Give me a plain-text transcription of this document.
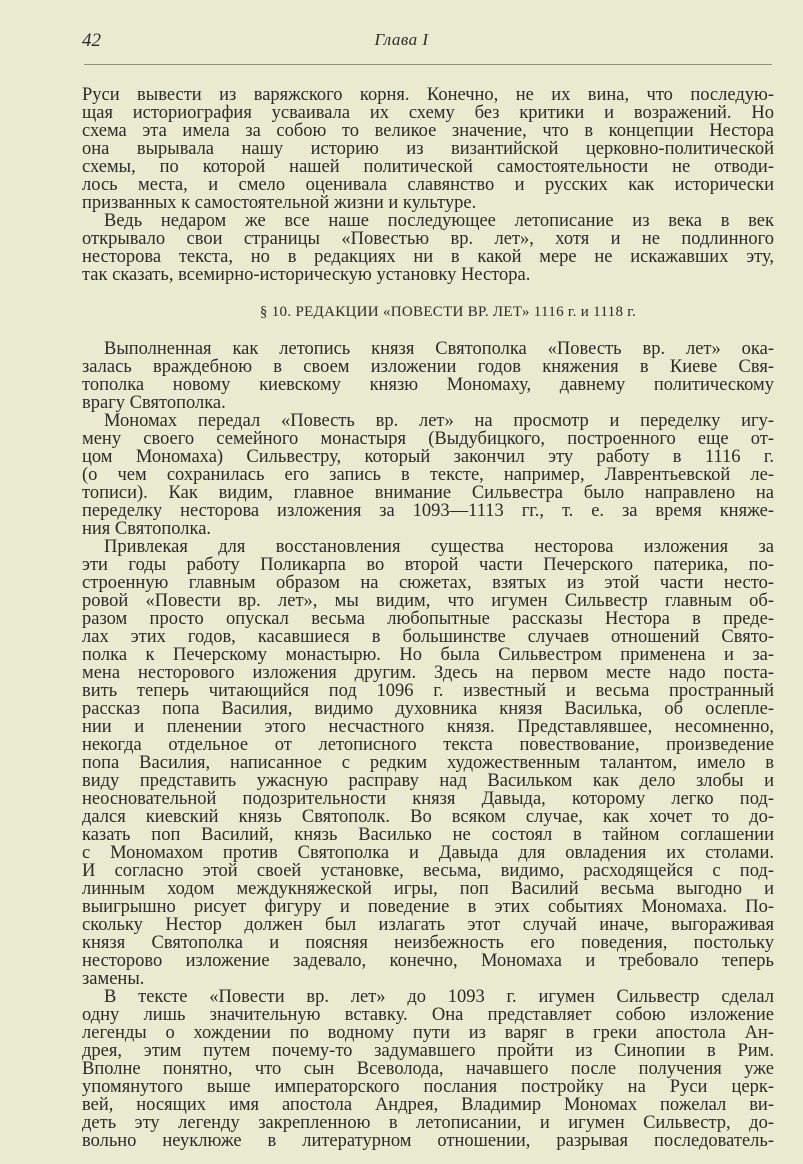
42	Глава I
Руси вывести из варяжского корня. Конечно, не их вина, что последую-
щая историография усваивала их схему без критики и возражений. Но
схема эта имела за собою то великое значение, что в концепции Нестора
она вырывала нашу историю из византийской церковно-политической
схемы, по которой нашей политической самостоятельности не отводи-
лось места, и смело оценивала славянство и русских как исторически
призванных к самостоятельной жизни и культуре.
Ведь недаром же все наше последующее летописание из века в век
открывало свои страницы «Повестью вр. лет», хотя и не подлинного
несторова текста, но в редакциях ни в какой мере не искажавших эту,
так сказать, всемирно-историческую установку Нестора.
§ 10. РЕДАКЦИИ «ПОВЕСТИ ВР. ЛЕТ» 1116 г. и 1118 г.
Выполненная как летопись князя Святополка «Повесть вр. лет» ока-
залась враждебною в своем изложении годов княжения в Киеве Свя-
тополка новому киевскому князю Мономаху, давнему политическому
врагу Святополка.
Мономах передал «Повесть вр. лет» на просмотр и переделку игу-
мену своего семейного монастыря (Выдубицкого, построенного еще от-
цом Мономаха) Сильвестру, который закончил эту работу в 1116 г.
(о чем сохранилась его запись в тексте, например, Лаврентьевской ле-
тописи). Как видим, главное внимание Сильвестра было направлено на
переделку несторова изложения за 1093—1113 гг., т. е. за время княже-
ния Святополка.
Привлекая для восстановления существа несторова изложения за
эти годы работу Поликарпа во второй части Печерского патерика, по-
строенную главным образом на сюжетах, взятых из этой части несто-
ровой «Повести вр. лет», мы видим, что игумен Сильвестр главным об-
разом просто опускал весьма любопытные рассказы Нестора в преде-
лах этих годов, касавшиеся в большинстве случаев отношений Свято-
полка к Печерскому монастырю. Но была Сильвестром применена и за-
мена несторового изложения другим. Здесь на первом месте надо поста-
вить теперь читающийся под 1096 г. известный и весьма пространный
рассказ попа Василия, видимо духовника князя Василька, об ослепле-
нии и пленении этого несчастного князя. Представлявшее, несомненно,
некогда отдельное от летописного текста повествование, произведение
попа Василия, написанное с редким художественным талантом, имело в
виду представить ужасную расправу над Васильком как дело злобы и
неосновательной подозрительности князя Давыда, которому легко под-
дался киевский князь Святополк. Во всяком случае, как хочет то до-
казать поп Василий, князь Василько не состоял в тайном соглашении
с Мономахом против Святополка и Давыда для овладения их столами.
И согласно этой своей установке, весьма, видимо, расходящейся с под-
линным ходом междукняжеской игры, поп Василий весьма выгодно и
выигрышно рисует фигуру и поведение в этих событиях Мономаха. По-
скольку Нестор должен был излагать этот случай иначе, выгораживая
князя Святополка и поясняя неизбежность его поведения, постольку
несторово изложение задевало, конечно, Мономаха и требовало теперь
замены.
В тексте «Повести вр. лет» до 1093 г. игумен Сильвестр сделал
одну лишь значительную вставку. Она представляет собою изложение
легенды о хождении по водному пути из варяг в греки апостола Ан-
дрея, этим путем почему-то задумавшего пройти из Синопии в Рим.
Вполне понятно, что сын Всеволода, начавшего после получения уже
упомянутого выше императорского послания постройку на Руси церк-
вей, носящих имя апостола Андрея, Владимир Мономах пожелал ви-
деть эту легенду закрепленною в летописании, и игумен Сильвестр, до-
вольно неуклюже в литературном отношении, разрывая последователь-
